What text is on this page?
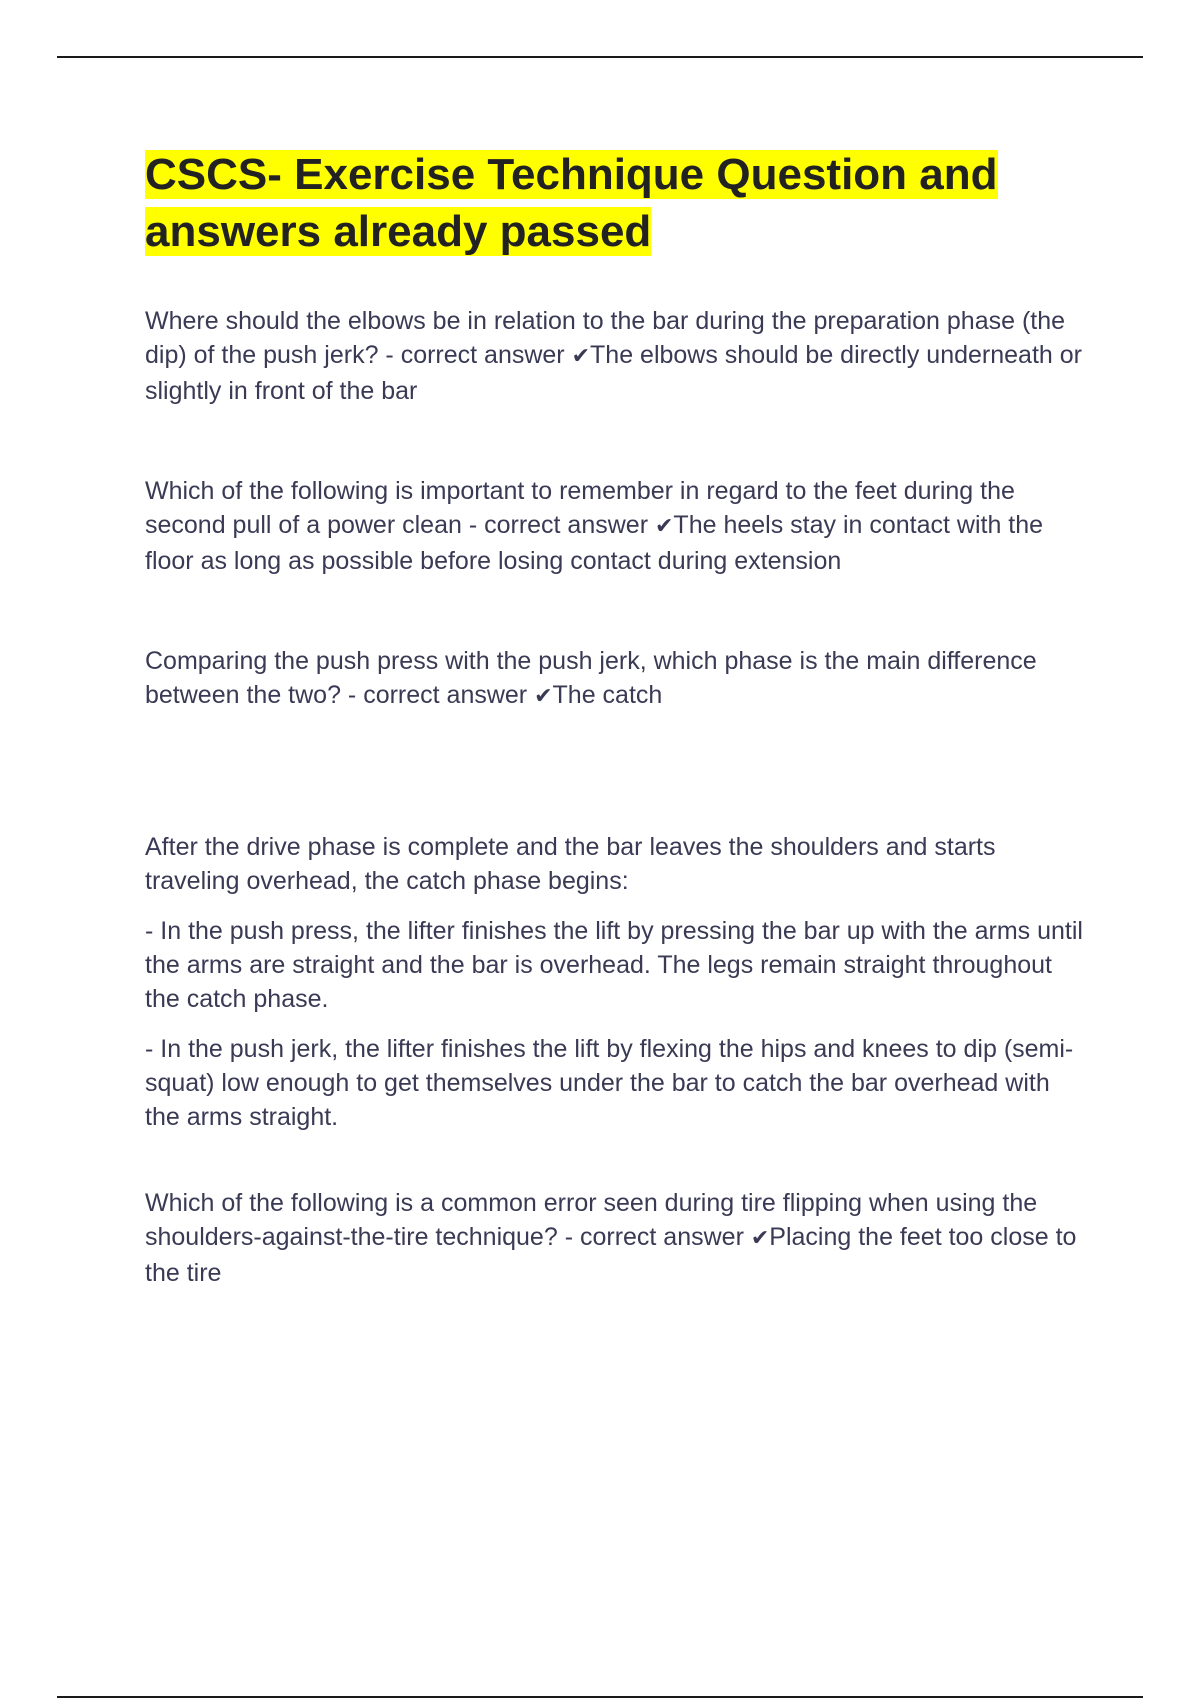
CSCS- Exercise Technique Question and answers already passed

Where should the elbows be in relation to the bar during the preparation phase (the dip) of the push jerk? - correct answer ✔The elbows should be directly underneath or slightly in front of the bar

Which of the following is important to remember in regard to the feet during the second pull of a power clean - correct answer ✔The heels stay in contact with the floor as long as possible before losing contact during extension

Comparing the push press with the push jerk, which phase is the main difference between the two? - correct answer ✔The catch

After the drive phase is complete and the bar leaves the shoulders and starts traveling overhead, the catch phase begins:

- In the push press, the lifter finishes the lift by pressing the bar up with the arms until the arms are straight and the bar is overhead. The legs remain straight throughout the catch phase.

- In the push jerk, the lifter finishes the lift by flexing the hips and knees to dip (semi-squat) low enough to get themselves under the bar to catch the bar overhead with the arms straight.

Which of the following is a common error seen during tire flipping when using the shoulders-against-the-tire technique? - correct answer ✔Placing the feet too close to the tire
